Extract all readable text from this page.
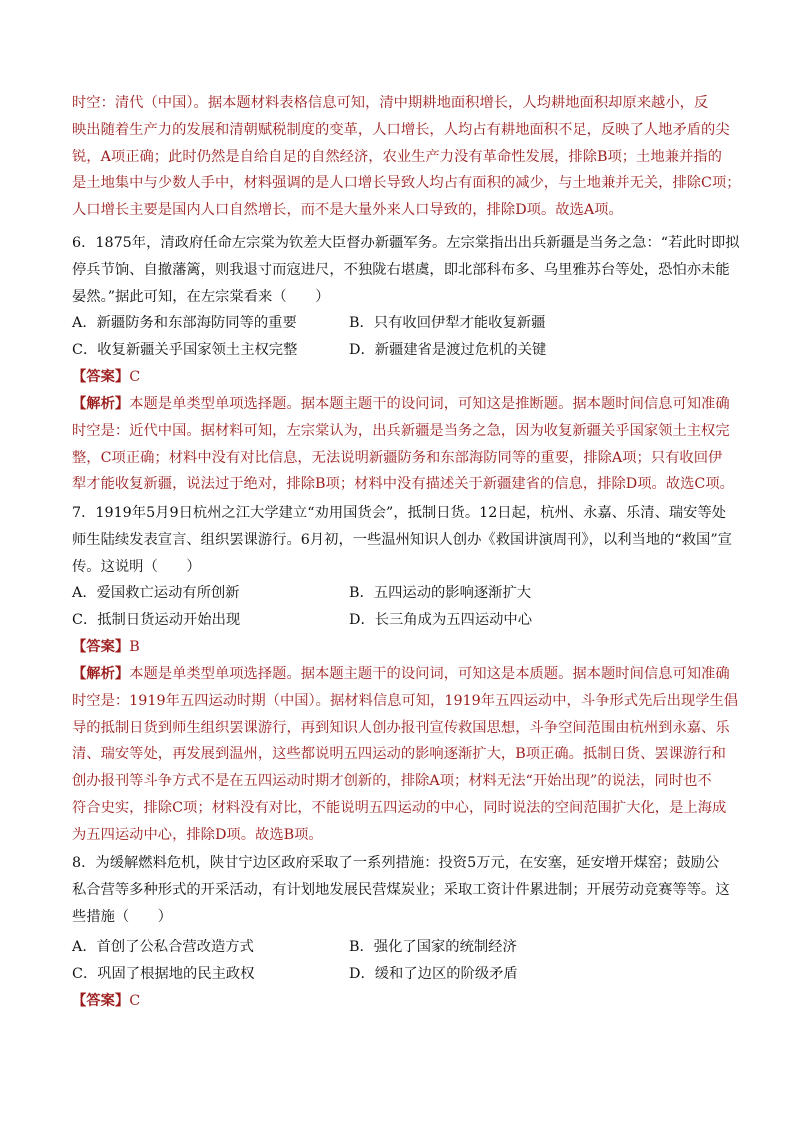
时空：清代（中国）。据本题材料表格信息可知，清中期耕地面积增长，人均耕地面积却原来越小，反
映出随着生产力的发展和清朝赋税制度的变革，人口增长，人均占有耕地面积不足，反映了人地矛盾的尖
锐，A项正确；此时仍然是自给自足的自然经济，农业生产力没有革命性发展，排除B项；土地兼并指的
是土地集中与少数人手中，材料强调的是人口增长导致人均占有面积的减少，与土地兼并无关，排除C项；
人口增长主要是国内人口自然增长，而不是大量外来人口导致的，排除D项。故选A项。
6．1875年，清政府任命左宗棠为钦差大臣督办新疆军务。左宗棠指出出兵新疆是当务之急：“若此时即拟
停兵节饷、自撤藩篱，则我退寸而寇进尺，不独陇右堪虞，即北部科布多、乌里雅苏台等处，恐怕亦未能
晏然。”据此可知，在左宗棠看来（　　）
A．新疆防务和东部海防同等的重要	B．只有收回伊犁才能收复新疆
C．收复新疆关乎国家领土主权完整	D．新疆建省是渡过危机的关键
【答案】C
【解析】本题是单类型单项选择题。据本题主题干的设问词，可知这是推断题。据本题时间信息可知准确
时空是：近代中国。据材料可知，左宗棠认为，出兵新疆是当务之急，因为收复新疆关乎国家领土主权完
整，C项正确；材料中没有对比信息，无法说明新疆防务和东部海防同等的重要，排除A项；只有收回伊
犁才能收复新疆，说法过于绝对，排除B项；材料中没有描述关于新疆建省的信息，排除D项。故选C项。
7．1919年5月9日杭州之江大学建立“劝用国货会”，抵制日货。12日起，杭州、永嘉、乐清、瑞安等处
师生陆续发表宣言、组织罢课游行。6月初，一些温州知识人创办《救国讲演周刊》，以利当地的“救国”宣
传。这说明（　　）
A．爱国救亡运动有所创新	B．五四运动的影响逐渐扩大
C．抵制日货运动开始出现	D．长三角成为五四运动中心
【答案】B
【解析】本题是单类型单项选择题。据本题主题干的设问词，可知这是本质题。据本题时间信息可知准确
时空是：1919年五四运动时期（中国）。据材料信息可知，1919年五四运动中，斗争形式先后出现学生倡
导的抵制日货到师生组织罢课游行，再到知识人创办报刊宣传救国思想，斗争空间范围由杭州到永嘉、乐
清、瑞安等处，再发展到温州，这些都说明五四运动的影响逐渐扩大，B项正确。抵制日货、罢课游行和
创办报刊等斗争方式不是在五四运动时期才创新的，排除A项；材料无法“开始出现”的说法，同时也不
符合史实，排除C项；材料没有对比，不能说明五四运动的中心，同时说法的空间范围扩大化，是上海成
为五四运动中心，排除D项。故选B项。
8．为缓解燃料危机，陕甘宁边区政府采取了一系列措施：投资5万元，在安塞，延安增开煤窑；鼓励公
私合营等多种形式的开采活动，有计划地发展民营煤炭业；采取工资计件累进制；开展劳动竞赛等等。这
些措施（　　）
A．首创了公私合营改造方式	B．强化了国家的统制经济
C．巩固了根据地的民主政权	D．缓和了边区的阶级矛盾
【答案】C
